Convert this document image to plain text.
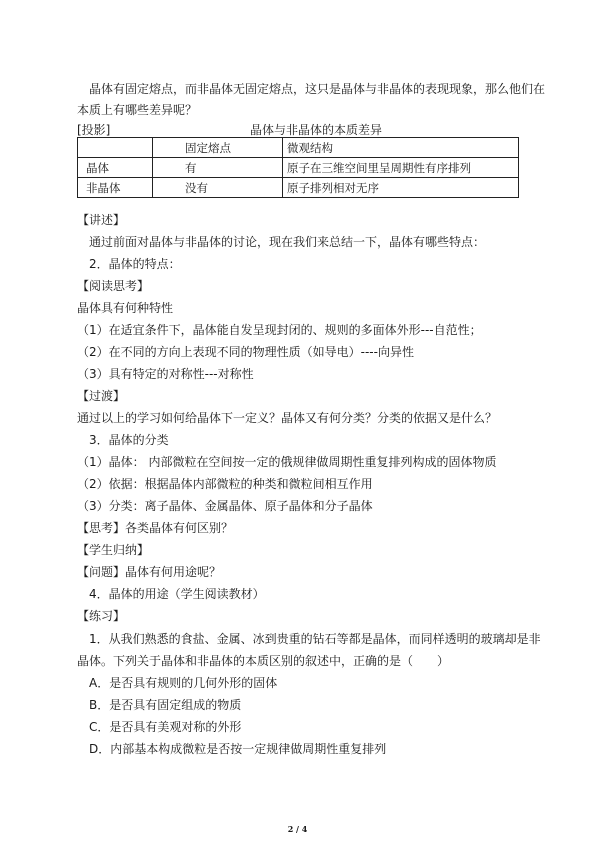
晶体有固定熔点，而非晶体无固定熔点，这只是晶体与非晶体的表现现象，那么他们在
本质上有哪些差异呢？
[投影]	晶体与非晶体的本质差异
	固定熔点	微观结构
晶体	有	原子在三维空间里呈周期性有序排列
非晶体	没有	原子排列相对无序
【讲述】
通过前面对晶体与非晶体的讨论，现在我们来总结一下，晶体有哪些特点：
2．晶体的特点：
【阅读思考】
晶体具有何种特性
（1）在适宜条件下，晶体能自发呈现封闭的、规则的多面体外形---自范性；
（2）在不同的方向上表现不同的物理性质（如导电）----向异性
（3）具有特定的对称性---对称性
【过渡】
通过以上的学习如何给晶体下一定义？晶体又有何分类？分类的依据又是什么？
3．晶体的分类
（1）晶体： 内部微粒在空间按一定的俄规律做周期性重复排列构成的固体物质
（2）依据：根据晶体内部微粒的种类和微粒间相互作用
（3）分类：离子晶体、金属晶体、原子晶体和分子晶体
【思考】各类晶体有何区别？
【学生归纳】
【问题】晶体有何用途呢？
4．晶体的用途（学生阅读教材）
【练习】
1．从我们熟悉的食盐、金属、冰到贵重的钻石等都是晶体，而同样透明的玻璃却是非
晶体。下列关于晶体和非晶体的本质区别的叙述中，正确的是（　　）
A．是否具有规则的几何外形的固体
B．是否具有固定组成的物质
C．是否具有美观对称的外形
D．内部基本构成微粒是否按一定规律做周期性重复排列
2 / 4
